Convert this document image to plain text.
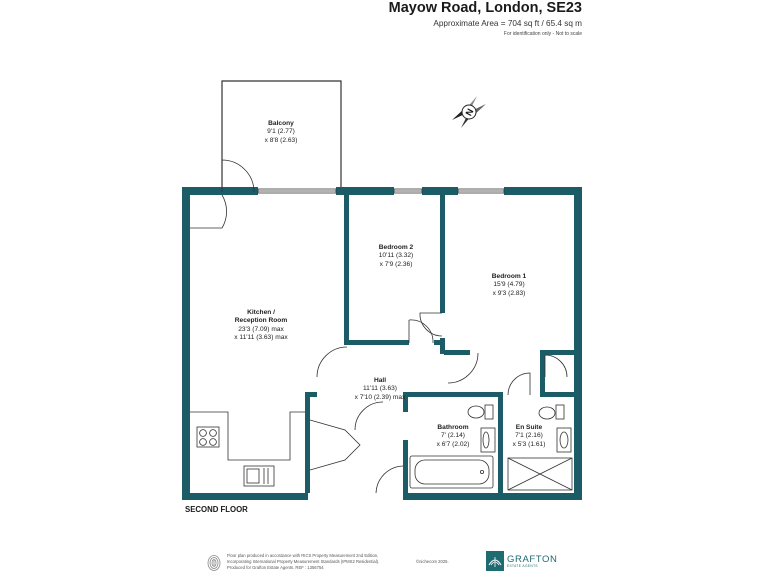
Mayow Road, London, SE23
Approximate Area = 704 sq ft / 65.4 sq m
For identification only - Not to scale
N
Balcony
9'1 (2.77)
x 8'8 (2.63)
Bedroom 2
10'11 (3.32)
x 7'9 (2.36)
Bedroom 1
15'9 (4.79)
x 9'3 (2.83)
Kitchen /
Reception Room
23'3 (7.09) max
x 11'11 (3.63) max
Hall
11'11 (3.63)
x 7'10 (2.39) max
Bathroom
7' (2.14)
x 6'7 (2.02)
En Suite
7'1 (2.16)
x 5'3 (1.61)
SECOND FLOOR
Floor plan produced in accordance with RICS Property Measurement 2nd Edition,
Incorporating International Property Measurement Standards (IPMS2 Residential).
Produced for Grafton Estate Agents. REF : 1356754
©nichecom 2025.	GRAFTON
ESTATE AGENTS
